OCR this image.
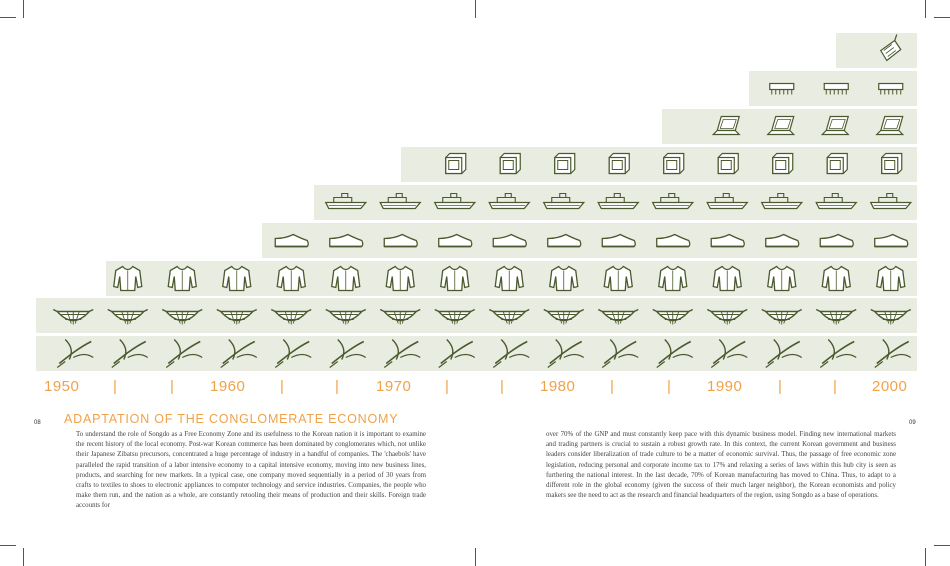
1950 |	| 1960 |	| 1970 |	| 1980 |	| 1990 |	| 2000
08	09
ADAPTATION OF THE CONGLOMERATE ECONOMY

To understand the role of Songdo as a Free Economy Zone and its usefulness to the Korean nation it is important to examine the recent history of the local economy. Post-war Korean commerce has been dominated by conglomerates which, not unlike their Japanese Zibatsu precursors, concentrated a huge percentage of industry in a handful of companies. The 'chaebols' have paralleled the rapid transition of a labor intensive economy to a capital intensive economy, moving into new business lines, products, and searching for new markets. In a typical case, one company moved sequentially in a period of 30 years from crafts to textiles to shoes to electronic appliances to computer technology and service industries. Companies, the people who make them run, and the nation as a whole, are constantly retooling their means of production and their skills. Foreign trade accounts for

over 70% of the GNP and must constantly keep pace with this dynamic business model. Finding new international markets and trading partners is crucial to sustain a robust growth rate. In this context, the current Korean government and business leaders consider liberalization of trade culture to be a matter of economic survival. Thus, the passage of free economic zone legislation, reducing personal and corporate income tax to 17% and relaxing a series of laws within this hub city is seen as furthering the national interest. In the last decade, 70% of Korean manufacturing has moved to China. Thus, to adapt to a different role in the global economy (given the success of their much larger neighbor), the Korean economists and policy makers see the need to act as the research and financial headquarters of the region, using Songdo as a base of operations.
